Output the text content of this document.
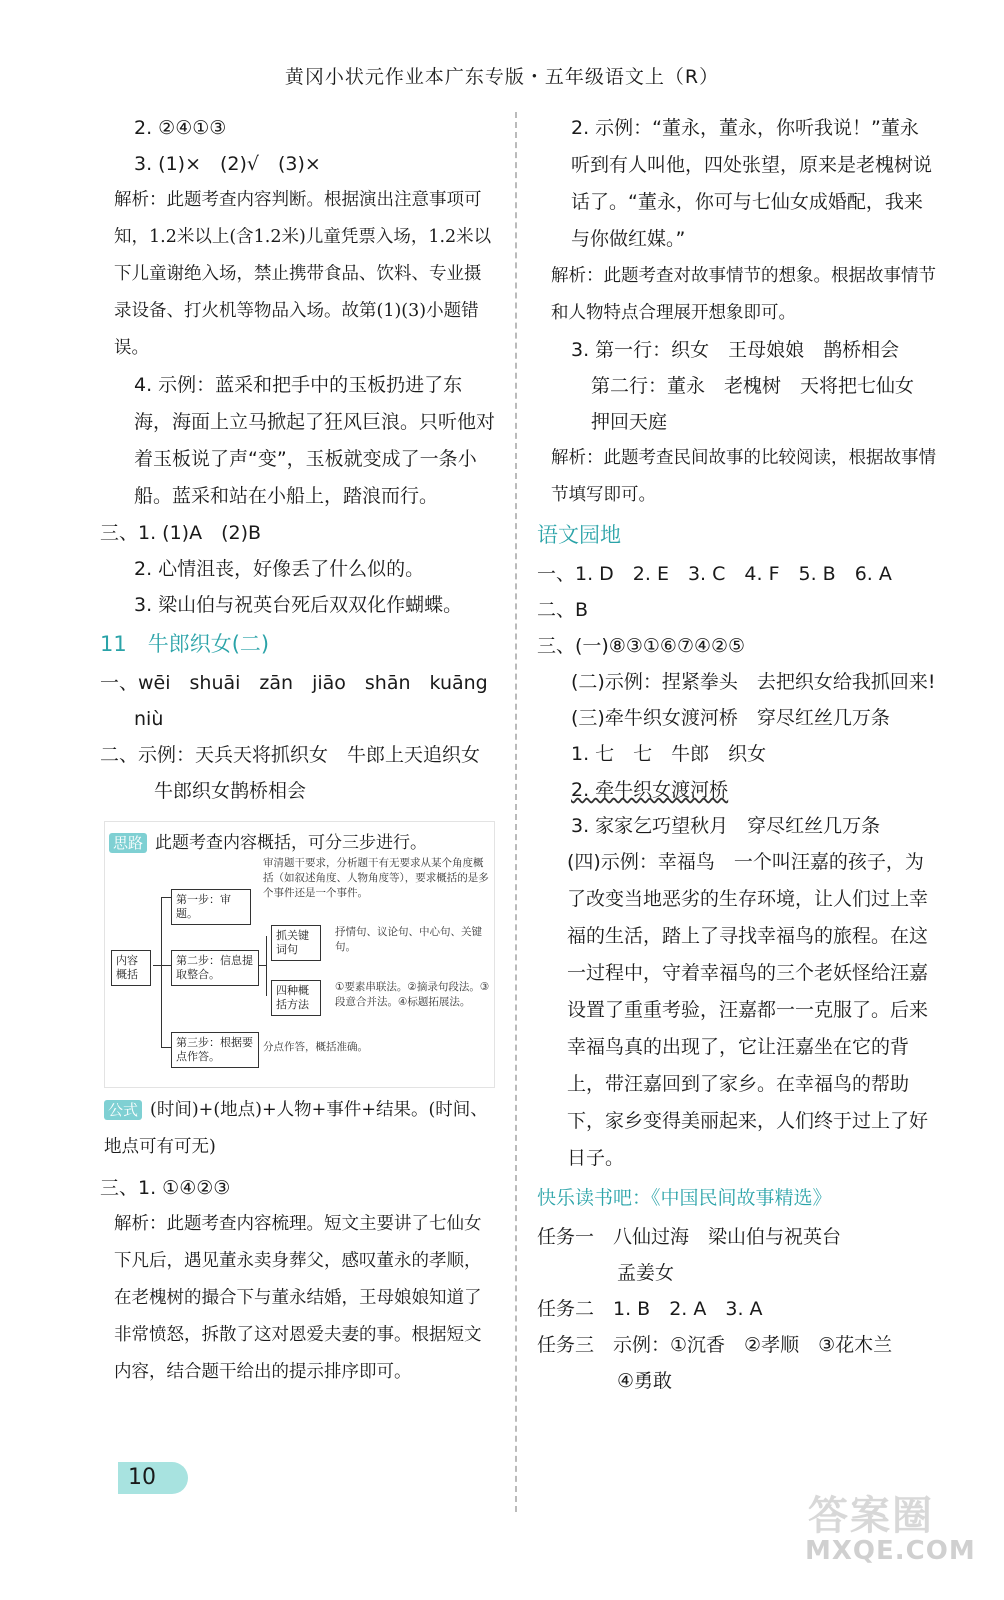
黄冈小状元作业本广东专版・五年级语文上（R）
2. ②④①③
3. (1)×　(2)√　(3)×
解析：此题考查内容判断。根据演出注意事项可知，1.2米以上(含1.2米)儿童凭票入场，1.2米以下儿童谢绝入场，禁止携带食品、饮料、专业摄录设备、打火机等物品入场。故第(1)(3)小题错误。
4. 示例：蓝采和把手中的玉板扔进了东海，海面上立马掀起了狂风巨浪。只听他对着玉板说了声“变”，玉板就变成了一条小船。蓝采和站在小船上，踏浪而行。
三、1. (1)A　(2)B
2. 心情沮丧，好像丢了什么似的。
3. 梁山伯与祝英台死后双双化作蝴蝶。
11　牛郎织女(二)
一、wēi　shuāi　zān　jiāo　shān　kuāng
niù
二、示例：天兵天将抓织女　牛郎上天追织女
牛郎织女鹊桥相会
思路 此题考查内容概括，可分三步进行。
内容概括
第一步：审题。
审清题干要求，分析题干有无要求从某个角度概括（如叙述角度、人物角度等），要求概括的是多个事件还是一个事件。
第二步：信息提取整合。
抓关键词句
抒情句、议论句、中心句、关键句。
四种概括方法
①要素串联法。②摘录句段法。③段意合并法。④标题拓展法。
第三步：根据要点作答。
分点作答，概括准确。
公式 (时间)+(地点)+人物+事件+结果。(时间、地点可有可无)
三、1. ①④②③
解析：此题考查内容梳理。短文主要讲了七仙女下凡后，遇见董永卖身葬父，感叹董永的孝顺，在老槐树的撮合下与董永结婚，王母娘娘知道了非常愤怒，拆散了这对恩爱夫妻的事。根据短文内容，结合题干给出的提示排序即可。
2. 示例：“董永，董永，你听我说！”董永听到有人叫他，四处张望，原来是老槐树说话了。“董永，你可与七仙女成婚配，我来与你做红媒。”
解析：此题考查对故事情节的想象。根据故事情节和人物特点合理展开想象即可。
3. 第一行：织女　王母娘娘　鹊桥相会
第二行：董永　老槐树　天将把七仙女
押回天庭
解析：此题考查民间故事的比较阅读，根据故事情节填写即可。
语文园地
一、1. D　2. E　3. C　4. F　5. B　6. A
二、B
三、(一)⑧③①⑥⑦④②⑤
(二)示例：捏紧拳头　去把织女给我抓回来!
(三)牵牛织女渡河桥　穿尽红丝几万条
1. 七　七　牛郎　织女
2. 牵牛织女渡河桥
3. 家家乞巧望秋月　穿尽红丝几万条
(四)示例：幸福鸟　一个叫汪嘉的孩子，为了改变当地恶劣的生存环境，让人们过上幸福的生活，踏上了寻找幸福鸟的旅程。在这一过程中，守着幸福鸟的三个老妖怪给汪嘉设置了重重考验，汪嘉都一一克服了。后来幸福鸟真的出现了，它让汪嘉坐在它的背上，带汪嘉回到了家乡。在幸福鸟的帮助下，家乡变得美丽起来，人们终于过上了好日子。
快乐读书吧：《中国民间故事精选》
任务一　八仙过海　梁山伯与祝英台
孟姜女
任务二　1. B　2. A　3. A
任务三　示例：①沉香　②孝顺　③花木兰
④勇敢
10
答案圈
MXQE.COM
